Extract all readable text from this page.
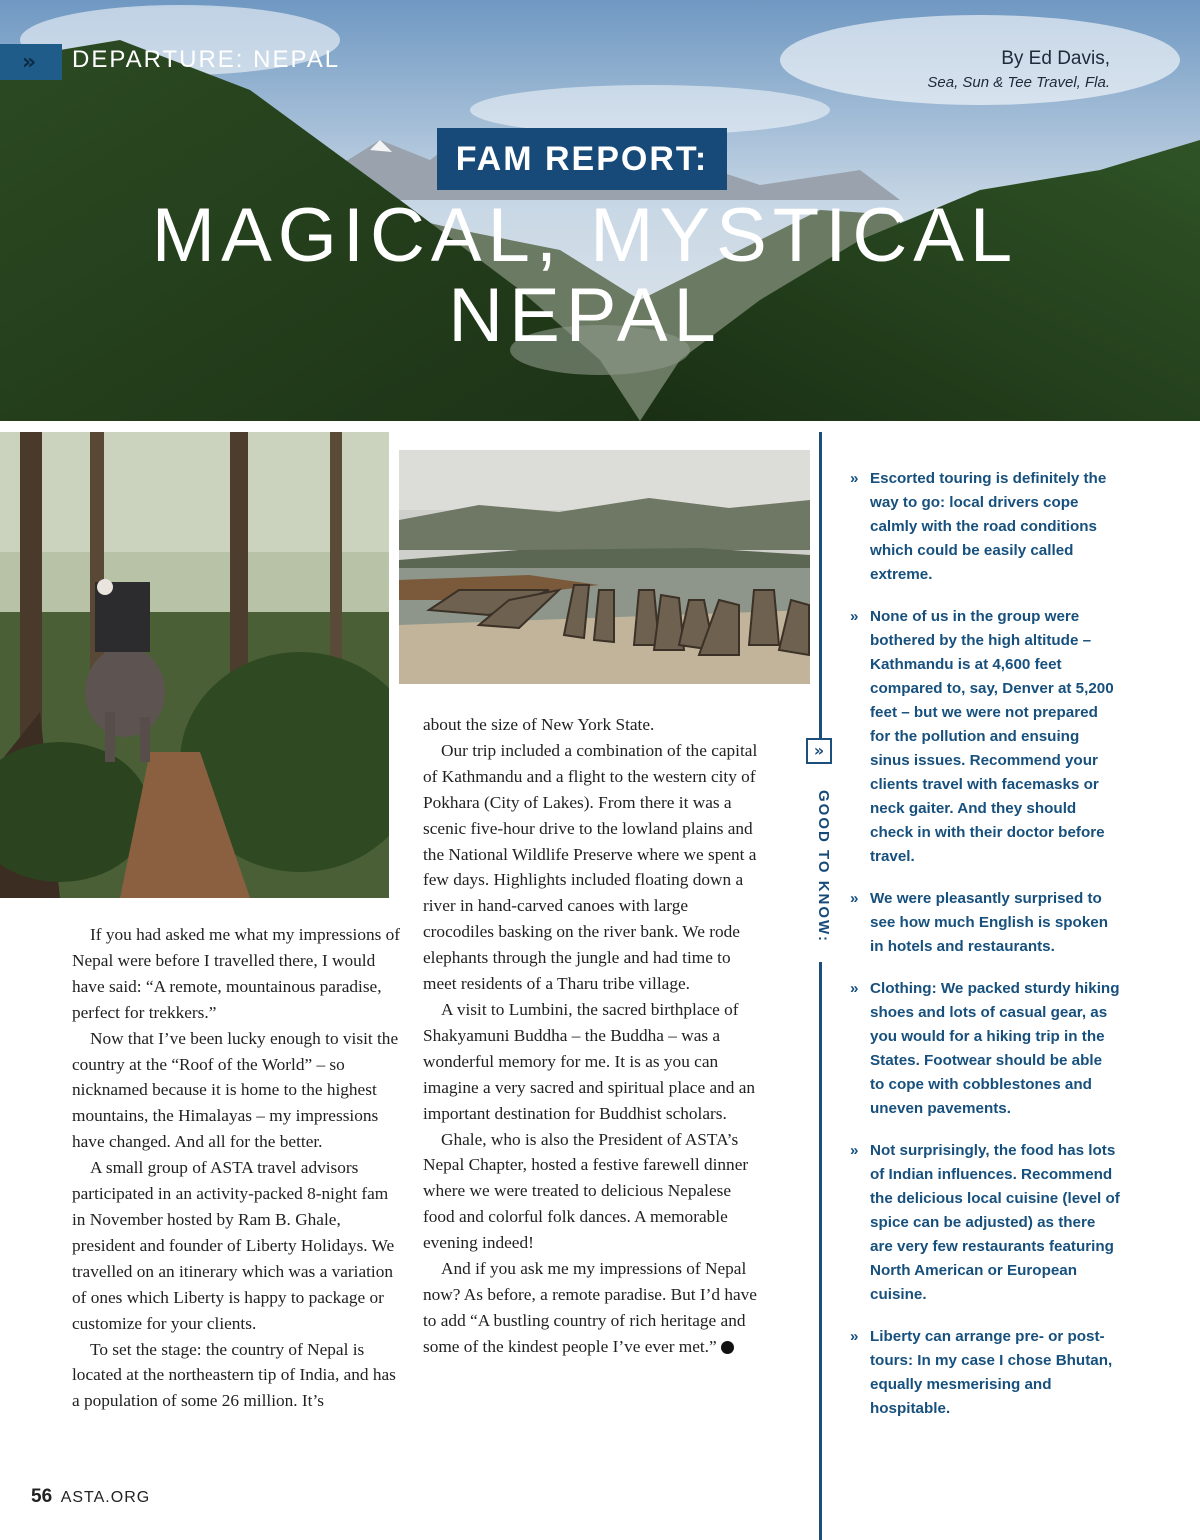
» DEPARTURE: NEPAL	By Ed Davis,
Sea, Sun & Tee Travel, Fla.
FAM REPORT:
MAGICAL, MYSTICAL
NEPAL

If you had asked me what my impressions of Nepal were before I travelled there, I would have said: “A remote, mountainous paradise, perfect for trekkers.”

Now that I’ve been lucky enough to visit the country at the “Roof of the World” – so nicknamed because it is home to the highest mountains, the Himalayas – my impressions have changed. And all for the better.

A small group of ASTA travel advisors participated in an activity-packed 8-night fam in November hosted by Ram B. Ghale, president and founder of Liberty Holidays. We travelled on an itinerary which was a variation of ones which Liberty is happy to package or customize for your clients.

To set the stage: the country of Nepal is located at the northeastern tip of India, and has a population of some 26 million. It’s

about the size of New York State.

Our trip included a combination of the capital of Kathmandu and a flight to the western city of Pokhara (City of Lakes). From there it was a scenic five-hour drive to the lowland plains and the National Wildlife Preserve where we spent a few days. Highlights included floating down a river in hand-carved canoes with large crocodiles basking on the river bank. We rode elephants through the jungle and had time to meet residents of a Tharu tribe village.

A visit to Lumbini, the sacred birthplace of Shakyamuni Buddha – the Buddha – was a wonderful memory for me. It is as you can imagine a very sacred and spiritual place and an important destination for Buddhist scholars.

Ghale, who is also the President of ASTA’s Nepal Chapter, hosted a festive farewell dinner where we were treated to delicious Nepalese food and colorful folk dances. A memorable evening indeed!

And if you ask me my impressions of Nepal now? As before, a remote paradise. But I’d have to add “A bustling country of rich heritage and some of the kindest people I’ve ever met.”

»
GOOD TO KNOW:
» Escorted touring is definitely the way to go: local drivers cope calmly with the road conditions which could be easily called extreme.
» None of us in the group were bothered by the high altitude – Kathmandu is at 4,600 feet compared to, say, Denver at 5,200 feet – but we were not prepared for the pollution and ensuing sinus issues. Recommend your clients travel with facemasks or neck gaiter. And they should check in with their doctor before travel.
» We were pleasantly surprised to see how much English is spoken in hotels and restaurants.
» Clothing: We packed sturdy hiking shoes and lots of casual gear, as you would for a hiking trip in the States. Footwear should be able to cope with cobblestones and uneven pavements.
» Not surprisingly, the food has lots of Indian influences. Recommend the delicious local cuisine (level of spice can be adjusted) as there are very few restaurants featuring North American or European cuisine.
» Liberty can arrange pre- or post-tours: In my case I chose Bhutan, equally mesmerising and hospitable.
56 ASTA.ORG
